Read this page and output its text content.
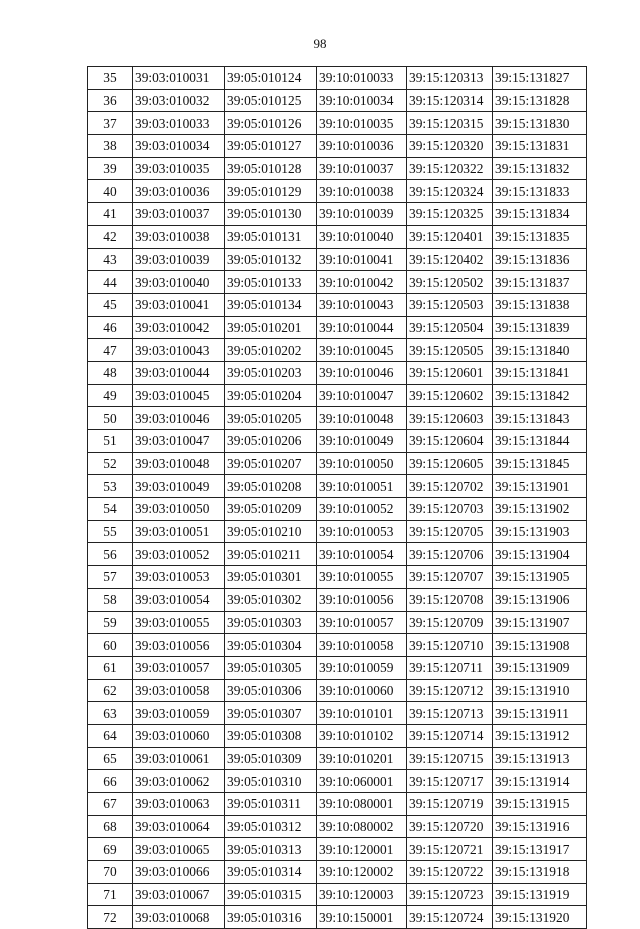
98
35	39:03:010031	39:05:010124	39:10:010033	39:15:120313	39:15:131827
36	39:03:010032	39:05:010125	39:10:010034	39:15:120314	39:15:131828
37	39:03:010033	39:05:010126	39:10:010035	39:15:120315	39:15:131830
38	39:03:010034	39:05:010127	39:10:010036	39:15:120320	39:15:131831
39	39:03:010035	39:05:010128	39:10:010037	39:15:120322	39:15:131832
40	39:03:010036	39:05:010129	39:10:010038	39:15:120324	39:15:131833
41	39:03:010037	39:05:010130	39:10:010039	39:15:120325	39:15:131834
42	39:03:010038	39:05:010131	39:10:010040	39:15:120401	39:15:131835
43	39:03:010039	39:05:010132	39:10:010041	39:15:120402	39:15:131836
44	39:03:010040	39:05:010133	39:10:010042	39:15:120502	39:15:131837
45	39:03:010041	39:05:010134	39:10:010043	39:15:120503	39:15:131838
46	39:03:010042	39:05:010201	39:10:010044	39:15:120504	39:15:131839
47	39:03:010043	39:05:010202	39:10:010045	39:15:120505	39:15:131840
48	39:03:010044	39:05:010203	39:10:010046	39:15:120601	39:15:131841
49	39:03:010045	39:05:010204	39:10:010047	39:15:120602	39:15:131842
50	39:03:010046	39:05:010205	39:10:010048	39:15:120603	39:15:131843
51	39:03:010047	39:05:010206	39:10:010049	39:15:120604	39:15:131844
52	39:03:010048	39:05:010207	39:10:010050	39:15:120605	39:15:131845
53	39:03:010049	39:05:010208	39:10:010051	39:15:120702	39:15:131901
54	39:03:010050	39:05:010209	39:10:010052	39:15:120703	39:15:131902
55	39:03:010051	39:05:010210	39:10:010053	39:15:120705	39:15:131903
56	39:03:010052	39:05:010211	39:10:010054	39:15:120706	39:15:131904
57	39:03:010053	39:05:010301	39:10:010055	39:15:120707	39:15:131905
58	39:03:010054	39:05:010302	39:10:010056	39:15:120708	39:15:131906
59	39:03:010055	39:05:010303	39:10:010057	39:15:120709	39:15:131907
60	39:03:010056	39:05:010304	39:10:010058	39:15:120710	39:15:131908
61	39:03:010057	39:05:010305	39:10:010059	39:15:120711	39:15:131909
62	39:03:010058	39:05:010306	39:10:010060	39:15:120712	39:15:131910
63	39:03:010059	39:05:010307	39:10:010101	39:15:120713	39:15:131911
64	39:03:010060	39:05:010308	39:10:010102	39:15:120714	39:15:131912
65	39:03:010061	39:05:010309	39:10:010201	39:15:120715	39:15:131913
66	39:03:010062	39:05:010310	39:10:060001	39:15:120717	39:15:131914
67	39:03:010063	39:05:010311	39:10:080001	39:15:120719	39:15:131915
68	39:03:010064	39:05:010312	39:10:080002	39:15:120720	39:15:131916
69	39:03:010065	39:05:010313	39:10:120001	39:15:120721	39:15:131917
70	39:03:010066	39:05:010314	39:10:120002	39:15:120722	39:15:131918
71	39:03:010067	39:05:010315	39:10:120003	39:15:120723	39:15:131919
72	39:03:010068	39:05:010316	39:10:150001	39:15:120724	39:15:131920
